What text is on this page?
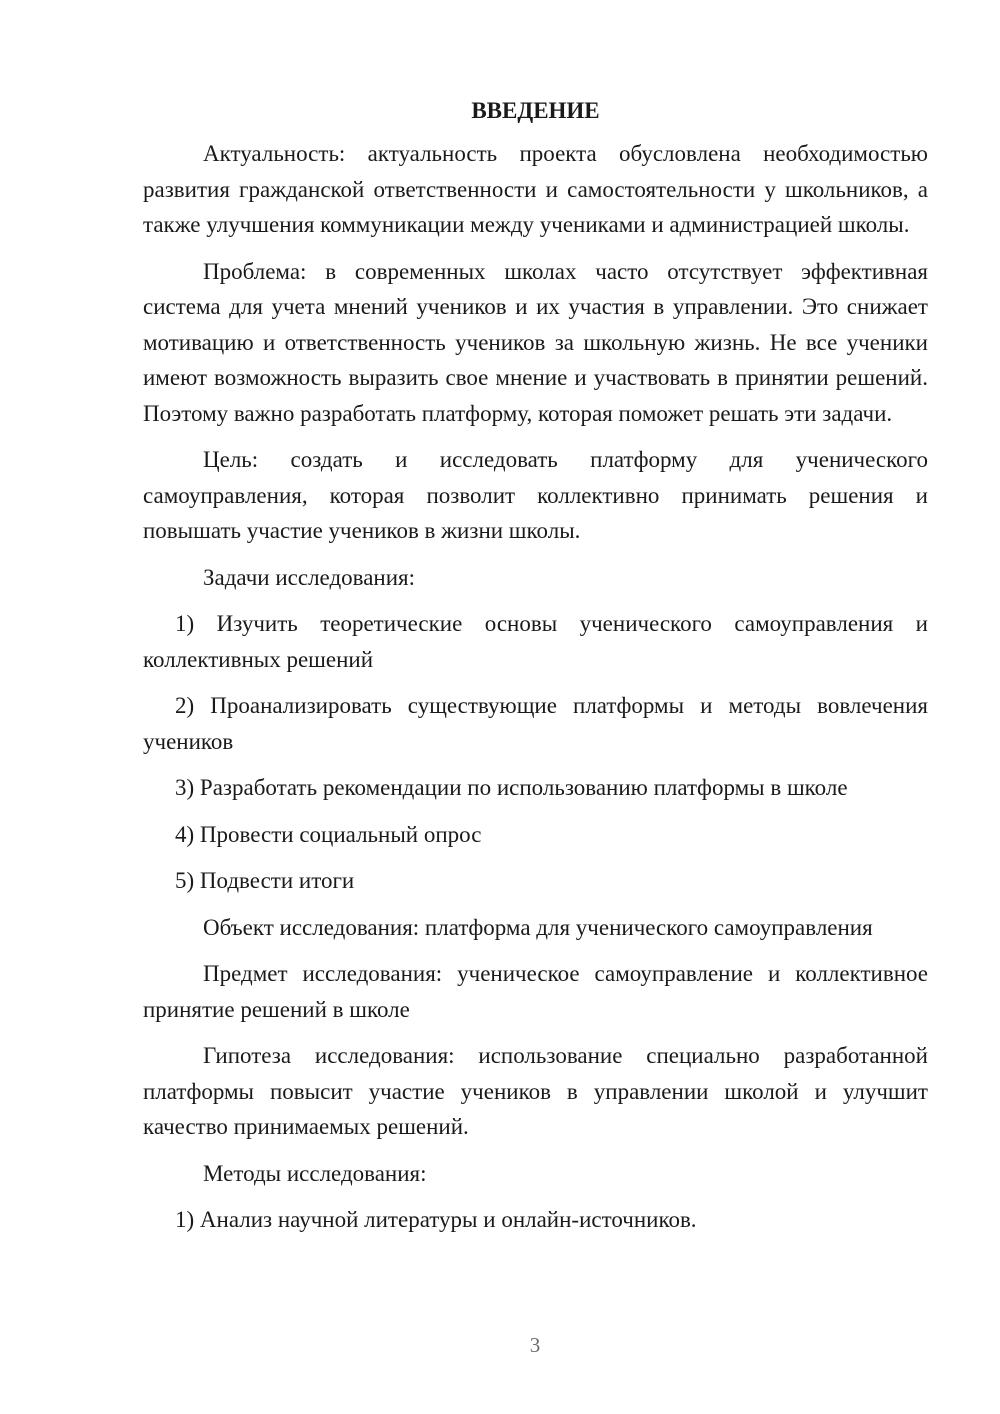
ВВЕДЕНИЕ

Актуальность: актуальность проекта обусловлена необходимостью развития гражданской ответственности и самостоятельности у школьников, а также улучшения коммуникации между учениками и администрацией школы.

Проблема: в современных школах часто отсутствует эффективная система для учета мнений учеников и их участия в управлении. Это снижает мотивацию и ответственность учеников за школьную жизнь. Не все ученики имеют возможность выразить свое мнение и участвовать в принятии решений. Поэтому важно разработать платформу, которая поможет решать эти задачи.

Цель: создать и исследовать платформу для ученического самоуправления, которая позволит коллективно принимать решения и повышать участие учеников в жизни школы.

Задачи исследования:

1) Изучить теоретические основы ученического самоуправления и коллективных решений

2) Проанализировать существующие платформы и методы вовлечения учеников

3) Разработать рекомендации по использованию платформы в школе

4) Провести социальный опрос

5) Подвести итоги

Объект исследования: платформа для ученического самоуправления

Предмет исследования: ученическое самоуправление и коллективное принятие решений в школе

Гипотеза исследования: использование специально разработанной платформы повысит участие учеников в управлении школой и улучшит качество принимаемых решений.

Методы исследования:

1) Анализ научной литературы и онлайн-источников.

3
